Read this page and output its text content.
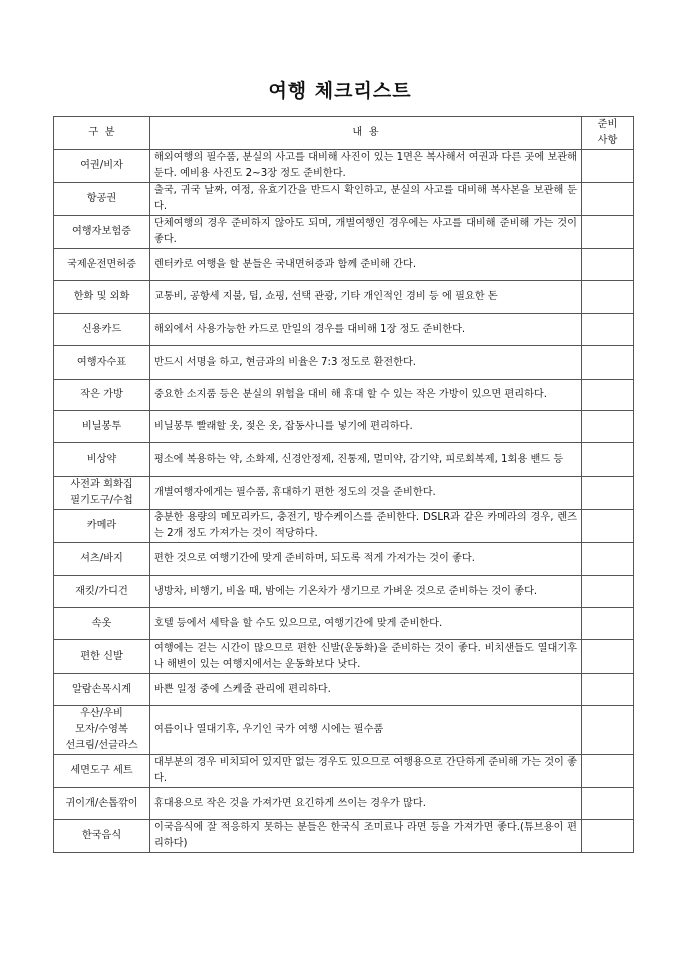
여행 체크리스트
구  분	내  용	준비
사항
여권/비자	해외여행의 필수품, 분실의 사고를 대비해 사진이 있는 1면은 복사해서 여권과 다른 곳에 보관해 둔다. 예비용 사진도 2~3장 정도 준비한다.	
항공권	출국, 귀국 날짜, 여정, 유효기간을 반드시 확인하고, 분실의 사고를 대비해 복사본을 보관해 둔다.	
여행자보험증	단체여행의 경우 준비하지 않아도 되며, 개별여행인 경우에는 사고를 대비해 준비해 가는 것이 좋다.	
국제운전면허증	렌터카로 여행을 할 분들은 국내면허증과 함께 준비해 간다.	
한화 및 외화	교통비, 공항세 지불, 팁, 쇼핑, 선택 관광, 기타 개인적인 경비 등 에 필요한 돈	
신용카드	해외에서 사용가능한 카드로 만일의 경우를 대비해 1장 정도 준비한다.	
여행자수표	반드시 서명을 하고, 현금과의 비율은 7:3 정도로 환전한다.	
작은 가방	중요한 소지품 등은 분실의 위험을 대비 해 휴대 할 수 있는 작은 가방이 있으면 편리하다.	
비닐봉투	비닐봉투 빨래할 옷, 젖은 옷, 잡동사니를 넣기에 편리하다.	
비상약	평소에 복용하는 약, 소화제, 신경안정제, 진통제, 멀미약, 감기약, 피로회복제, 1회용 밴드 등	
사전과 회화집
필기도구/수첩	개별여행자에게는 필수품, 휴대하기 편한 정도의 것을 준비한다.	
카메라	충분한 용량의 메모리카드, 충전기, 방수케이스를 준비한다. DSLR과 같은 카메라의 경우, 렌즈는 2개 정도 가져가는 것이 적당하다.	
셔츠/바지	편한 것으로 여행기간에 맞게 준비하며, 되도록 적게 가져가는 것이 좋다.	
재킷/가디건	냉방차, 비행기, 비올 때, 밤에는 기온차가 생기므로 가벼운 것으로 준비하는 것이 좋다.	
속옷	호텔 등에서 세탁을 할 수도 있으므로, 여행기간에 맞게 준비한다.	
편한 신발	여행에는 걷는 시간이 많으므로 편한 신발(운동화)을 준비하는 것이 좋다. 비치샌들도 열대기후나 해변이 있는 여행지에서는 운동화보다 낫다.	
알람손목시계	바쁜 일정 중에 스케줄 관리에 편리하다.	
우산/우비
모자/수영복
선크림/선글라스	여름이나 열대기후, 우기인 국가 여행 시에는 필수품	
세면도구 세트	대부분의 경우 비치되어 있지만 없는 경우도 있으므로 여행용으로 간단하게 준비해 가는 것이 좋다.	
귀이개/손톱깎이	휴대용으로 작은 것을 가져가면 요긴하게 쓰이는 경우가 많다.	
한국음식	이국음식에 잘 적응하지 못하는 분들은 한국식 조미료나 라면 등을 가져가면 좋다.(튜브용이 편리하다)	
